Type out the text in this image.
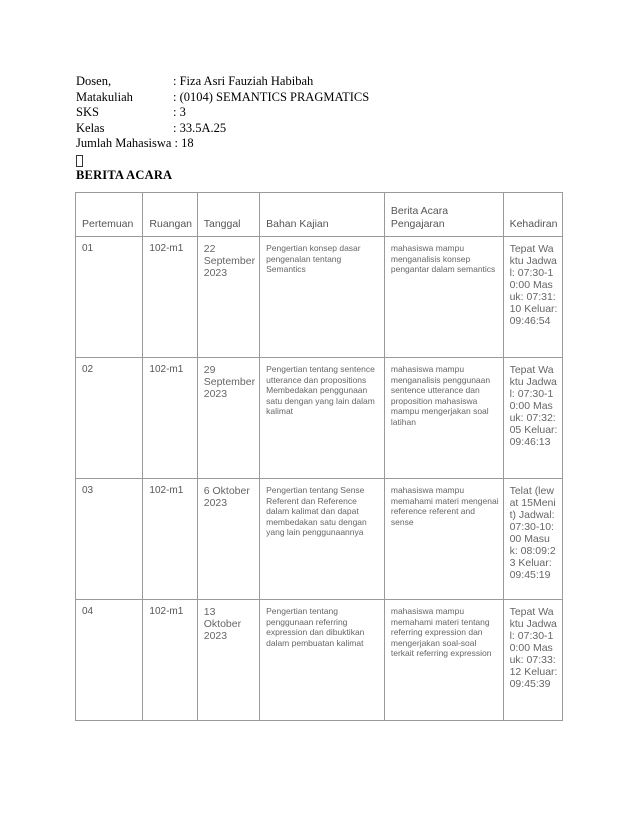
Dosen,	: Fiza Asri Fauziah Habibah
Matakuliah	: (0104) SEMANTICS PRAGMATICS
SKS	: 3
Kelas	: 33.5A.25
Jumlah Mahasiswa : 18
BERITA ACARA
Pertemuan	Ruangan	Tanggal	Bahan Kajian	Berita Acara Pengajaran	Kehadiran

01	102-m1	22 September 2023	Pengertian konsep dasar pengenalan tentang Semantics	mahasiswa mampu menganalisis konsep pengantar dalam semantics	Tepat Waktu Jadwal: 07:30-10:00 Masuk: 07:31:10 Keluar: 09:46:54

02	102-m1	29 September 2023	Pengertian tentang sentence utterance dan propositions Membedakan penggunaan satu dengan yang lain dalam kalimat	mahasiswa mampu menganalisis penggunaan sentence utterance dan proposition mahasiswa mampu mengerjakan soal latihan	Tepat Waktu Jadwal: 07:30-10:00 Masuk: 07:32:05 Keluar: 09:46:13

03	102-m1	6 Oktober 2023	Pengertian tentang Sense Referent dan Reference dalam kalimat dan dapat membedakan satu dengan yang lain penggunaannya	mahasiswa mampu memahami materi mengenai reference referent and sense	Telat (lewat 15Menit) Jadwal: 07:30-10:00 Masuk: 08:09:23 Keluar: 09:45:19

04	102-m1	13 Oktober 2023	Pengertian tentang penggunaan referring expression dan dibuktikan dalam pembuatan kalimat	mahasiswa mampu memahami materi tentang referring expression dan mengerjakan soal-soal terkait referring expression	Tepat Waktu Jadwal: 07:30-10:00 Masuk: 07:33:12 Keluar: 09:45:39
